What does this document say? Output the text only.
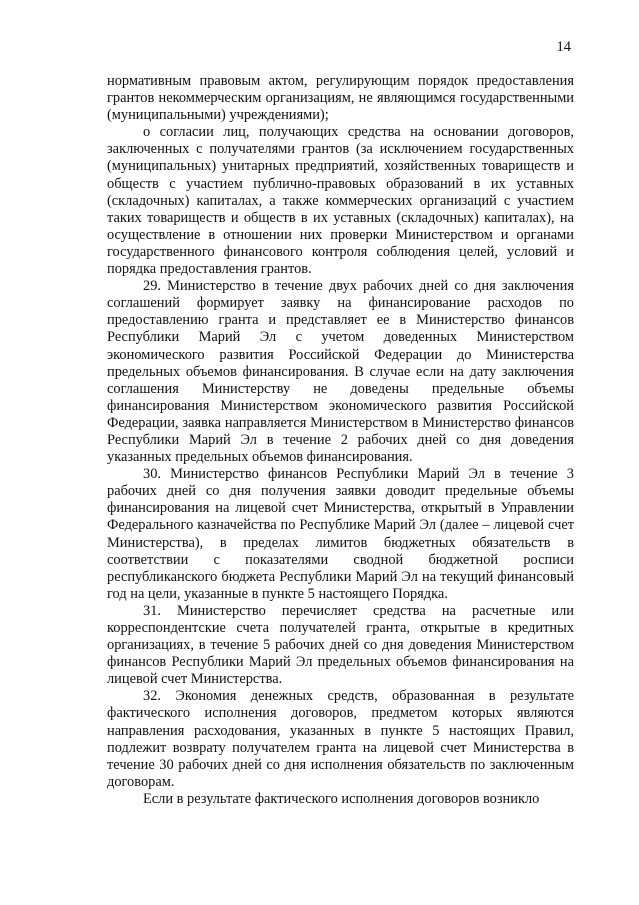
14

нормативным правовым актом, регулирующим порядок предоставления грантов некоммерческим организациям, не являющимся государственными (муниципальными) учреждениями);

о согласии лиц, получающих средства на основании договоров, заключенных с получателями грантов (за исключением государственных (муниципальных) унитарных предприятий, хозяйственных товариществ и обществ с участием публично-правовых образований в их уставных (складочных) капиталах, а также коммерческих организаций с участием таких товариществ и обществ в их уставных (складочных) капиталах), на осуществление в отношении них проверки Министерством и органами государственного финансового контроля соблюдения целей, условий и порядка предоставления грантов.

29. Министерство в течение двух рабочих дней со дня заключения соглашений формирует заявку на финансирование расходов по предоставлению гранта и представляет ее в Министерство финансов Республики Марий Эл с учетом доведенных Министерством экономического развития Российской Федерации до Министерства предельных объемов финансирования. В случае если на дату заключения соглашения Министерству не доведены предельные объемы финансирования Министерством экономического развития Российской Федерации, заявка направляется Министерством в Министерство финансов Республики Марий Эл в течение 2 рабочих дней со дня доведения указанных предельных объемов финансирования.

30. Министерство финансов Республики Марий Эл в течение 3 рабочих дней со дня получения заявки доводит предельные объемы финансирования на лицевой счет Министерства, открытый в Управлении Федерального казначейства по Республике Марий Эл (далее – лицевой счет Министерства), в пределах лимитов бюджетных обязательств в соответствии с показателями сводной бюджетной росписи республиканского бюджета Республики Марий Эл на текущий финансовый год на цели, указанные в пункте 5 настоящего Порядка.

31. Министерство перечисляет средства на расчетные или корреспондентские счета получателей гранта, открытые в кредитных организациях, в течение 5 рабочих дней со дня доведения Министерством финансов Республики Марий Эл предельных объемов финансирования на лицевой счет Министерства.

32. Экономия денежных средств, образованная в результате фактического исполнения договоров, предметом которых являются направления расходования, указанных в пункте 5 настоящих Правил, подлежит возврату получателем гранта на лицевой счет Министерства в течение 30 рабочих дней со дня исполнения обязательств по заключенным договорам.

Если в результате фактического исполнения договоров возникло
